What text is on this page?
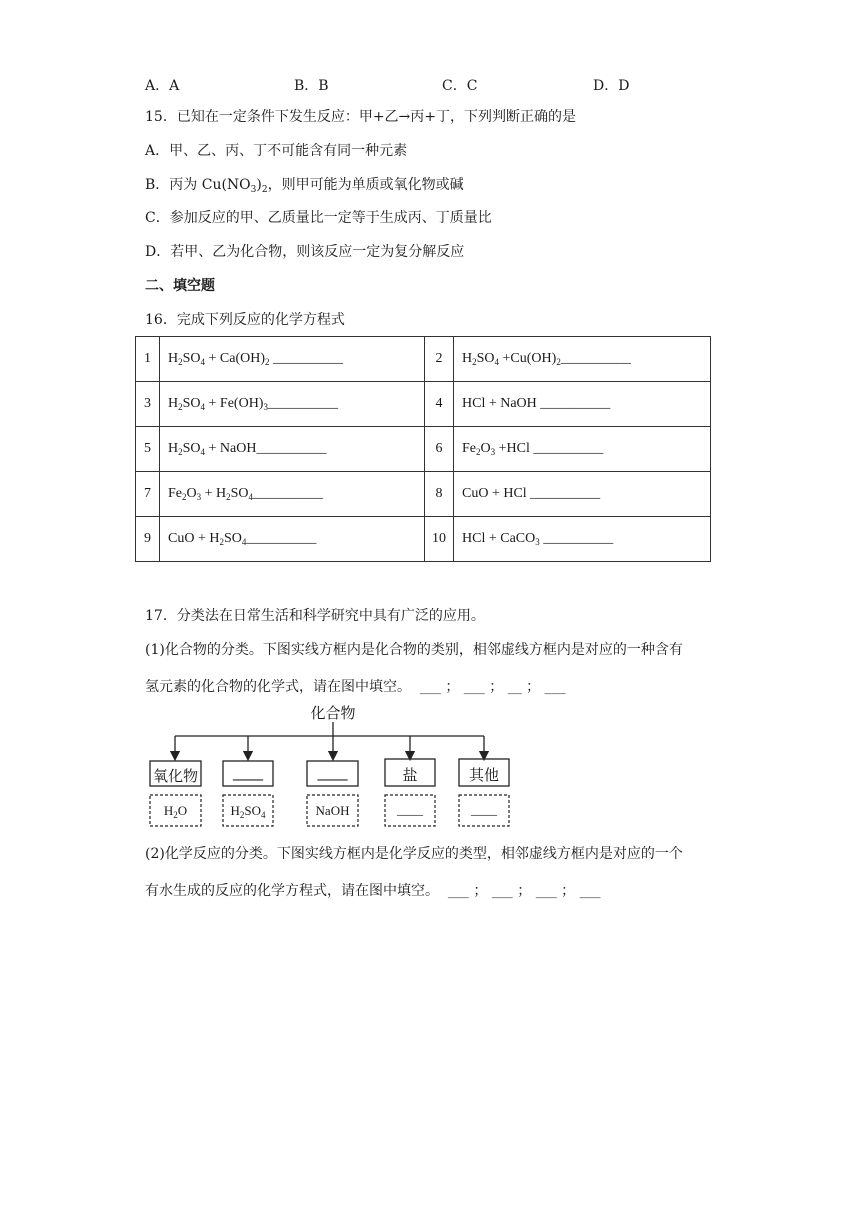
A．A	B．B	C．C	D．D
15．已知在一定条件下发生反应：甲+乙→丙+丁，下列判断正确的是
A．甲、乙、丙、丁不可能含有同一种元素
B．丙为 $Cu(NO_3)_2$，则甲可能为单质或氧化物或碱
C．参加反应的甲、乙质量比一定等于生成丙、丁质量比
D．若甲、乙为化合物，则该反应一定为复分解反应
二、填空题
16．完成下列反应的化学方程式
1	$H_2SO_4 + Ca(OH)_2$ __________	2	$H_2SO_4$ $+Cu(OH)_2\_\_\_\_\_\_\_\_\_\_$
3	$H_2SO_4$ + $Fe(OH)_3\_\_\_\_\_\_\_\_\_\_$	4	HCl + NaOH __________
5	$H_2SO_4$ + NaOH__________	6	$Fe_2O_3 +HCl$ __________
7	$Fe_2O_3$ + $H_2SO_4\_\_\_\_\_\_\_\_\_\_$	8	CuO + HCl __________
9	CuO + $H_2SO_4\_\_\_\_\_\_\_\_\_\_$	10	HCl + CaCO$_3$ __________
17．分类法在日常生活和科学研究中具有广泛的应用。
(1)化合物的分类。下图实线方框内是化合物的类别，相邻虚线方框内是对应的一种含有
氢元素的化合物的化学式，请在图中填空。 ___ ； ___ ； __ ； ___
化合物
氧化物	____	____	盐	其他
$H_2O$	$H_2SO_4$	NaOH	____	____
(2)化学反应的分类。下图实线方框内是化学反应的类型，相邻虚线方框内是对应的一个
有水生成的反应的化学方程式，请在图中填空。 ___ ； ___ ； ___ ； ___
